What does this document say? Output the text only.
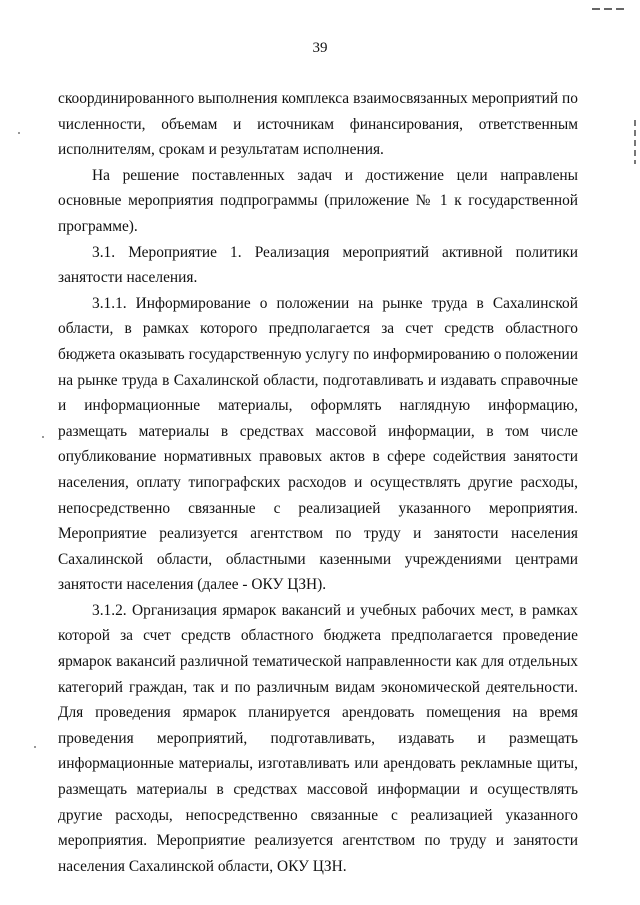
39

скоординированного выполнения комплекса взаимосвязанных мероприятий по численности, объемам и источникам финансирования, ответственным исполнителям, срокам и результатам исполнения.

На решение поставленных задач и достижение цели направлены основные мероприятия подпрограммы (приложение № 1 к государственной программе).

3.1. Мероприятие 1. Реализация мероприятий активной политики занятости населения.

3.1.1. Информирование о положении на рынке труда в Сахалинской области, в рамках которого предполагается за счет средств областного бюджета оказывать государственную услугу по информированию о положении на рынке труда в Сахалинской области, подготавливать и издавать справочные и информационные материалы, оформлять наглядную информацию, размещать материалы в средствах массовой информации, в том числе опубликование нормативных правовых актов в сфере содействия занятости населения, оплату типографских расходов и осуществлять другие расходы, непосредственно связанные с реализацией указанного мероприятия. Мероприятие реализуется агентством по труду и занятости населения Сахалинской области, областными казенными учреждениями центрами занятости населения (далее - ОКУ ЦЗН).

3.1.2. Организация ярмарок вакансий и учебных рабочих мест, в рамках которой за счет средств областного бюджета предполагается проведение ярмарок вакансий различной тематической направленности как для отдельных категорий граждан, так и по различным видам экономической деятельности. Для проведения ярмарок планируется арендовать помещения на время проведения мероприятий, подготавливать, издавать и размещать информационные материалы, изготавливать или арендовать рекламные щиты, размещать материалы в средствах массовой информации и осуществлять другие расходы, непосредственно связанные с реализацией указанного мероприятия. Мероприятие реализуется агентством по труду и занятости населения Сахалинской области, ОКУ ЦЗН.
